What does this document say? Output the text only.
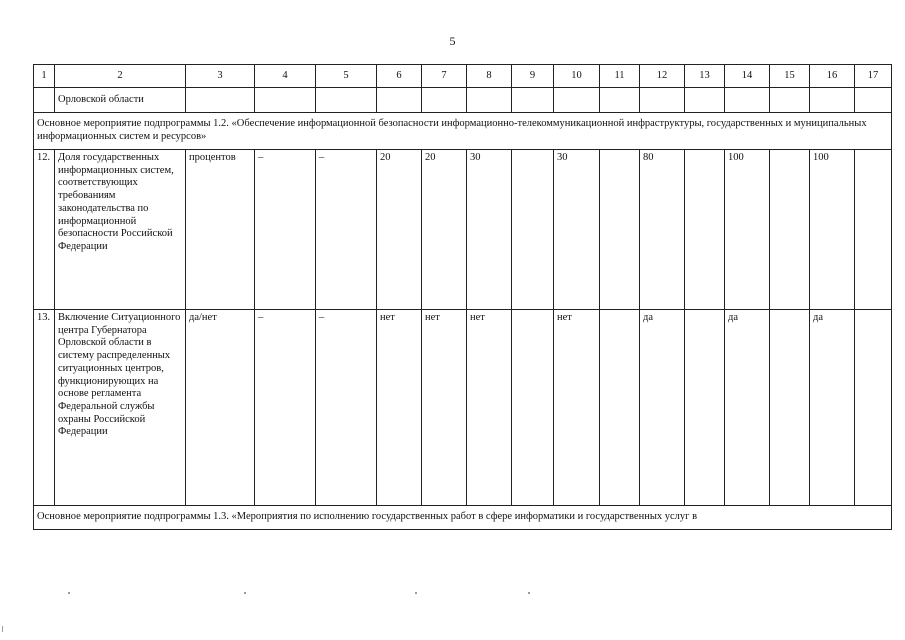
5
1	2	3	4	5	6	7	8	9	10	11	12	13	14	15	16	17
	Орловской области															
Основное мероприятие подпрограммы 1.2. «Обеспечение информационной безопасности информационно-телекоммуникационной инфраструктуры, государственных и муниципальных информационных систем и ресурсов»																
12.	Доля государственных информационных систем, соответствующих требованиям законодательства по информационной безопасности Российской Федерации	процентов	–	–	20	20	30		30		80		100		100	
13.	Включение Ситуационного центра Губернатора Орловской области в систему распределенных ситуационных центров, функционирующих на основе регламента Федеральной службы охраны Российской Федерации	да/нет	–	–	нет	нет	нет		нет		да		да		да	
Основное мероприятие подпрограммы 1.3. «Мероприятия по исполнению государственных работ в сфере информатики и государственных услуг в																
